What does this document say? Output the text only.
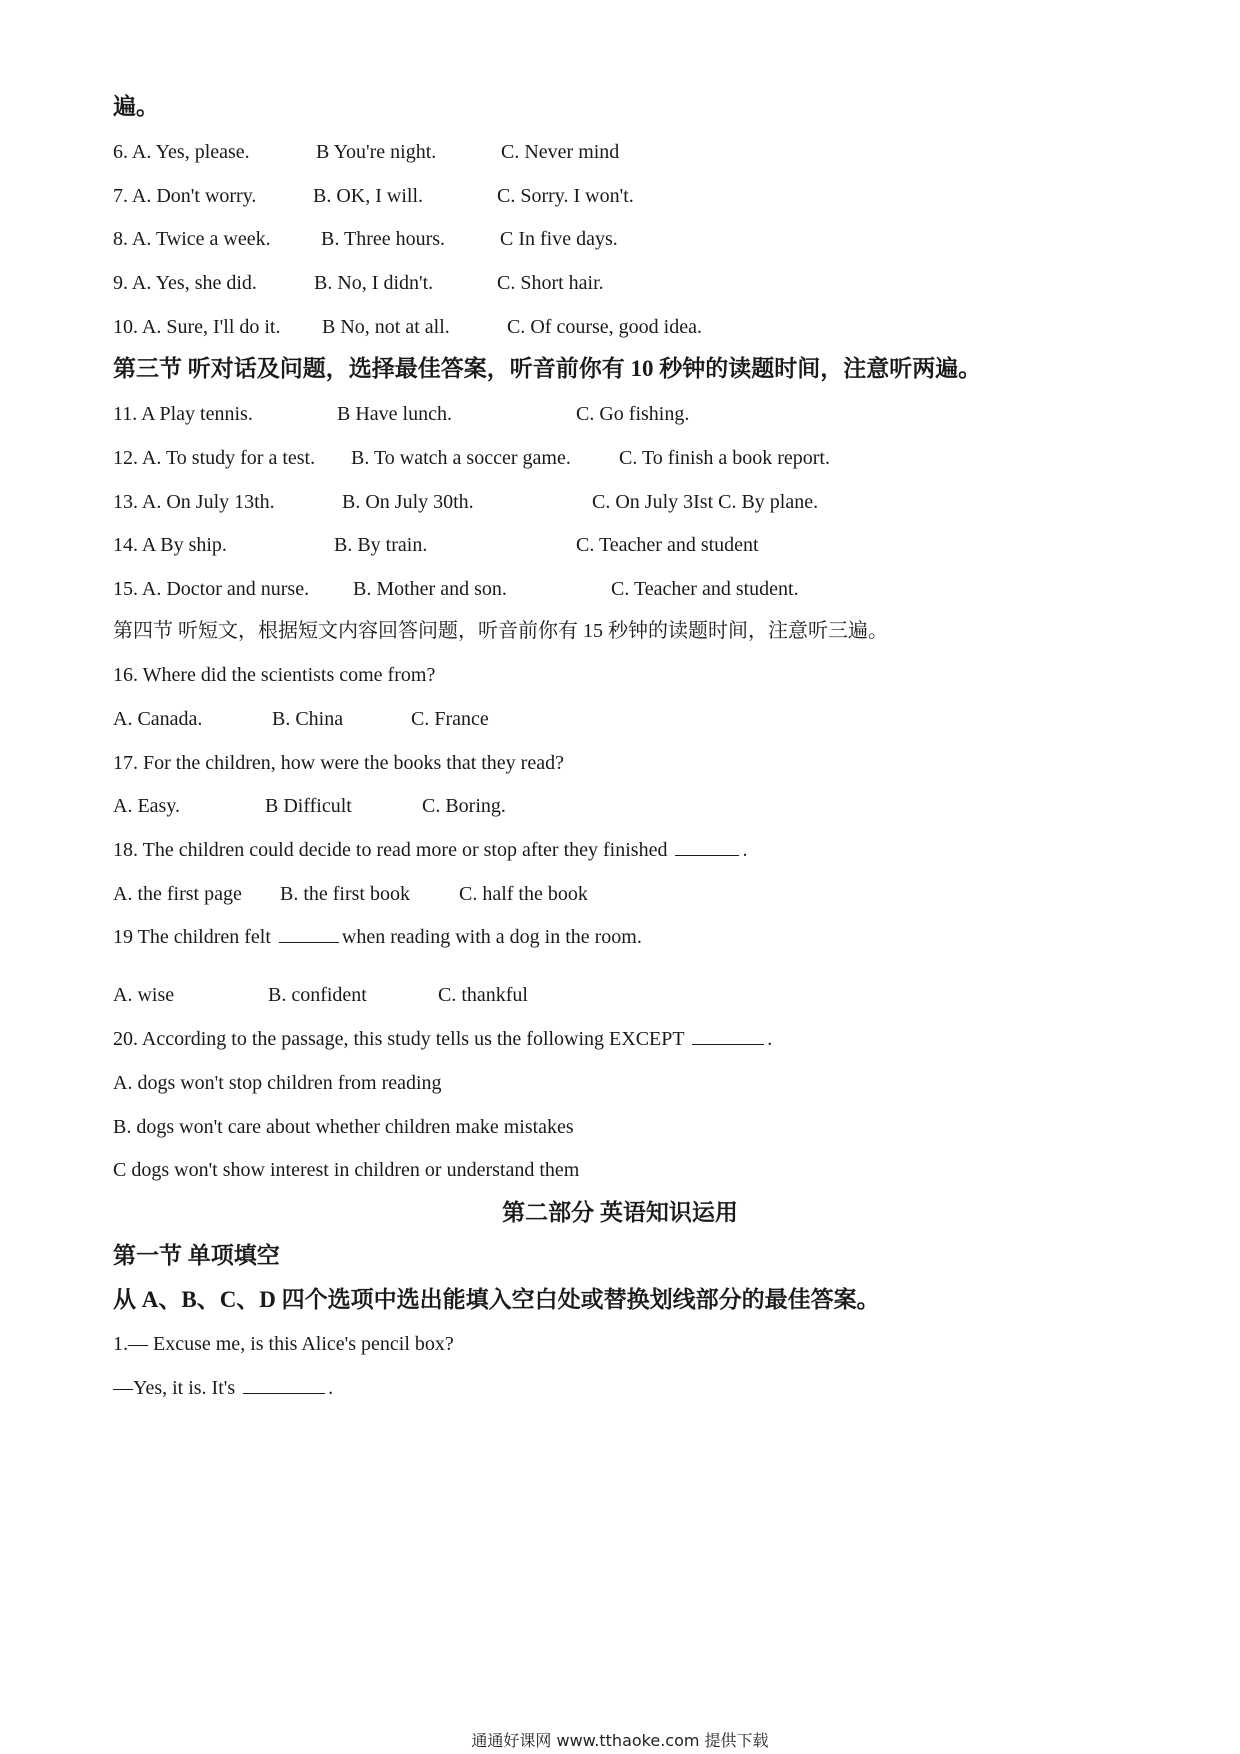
遍。
6. A. Yes, please.	B You're night.	C. Never mind
7. A. Don't worry.	B. OK, I will.	C. Sorry. I won't.
8. A. Twice a week.	B. Three hours.	C In five days.
9. A. Yes, she did.	B. No, I didn't.	C. Short hair.
10. A. Sure, I'll do it. B No, not at all.	C. Of course, good idea.
第三节 听对话及问题，选择最佳答案，听音前你有 10 秒钟的读题时间，注意听两遍。
11. A Play tennis.	B Have lunch.	C. Go fishing.
12. A. To study for a test. B. To watch a soccer game. C. To finish a book report.
13. A. On July 13th.	B. On July 30th.	C. On July 3Ist C. By plane.
14. A By ship.	B. By train.	C. Teacher and student
15. A. Doctor and nurse. B. Mother and son.	C. Teacher and student.
第四节 听短文，根据短文内容回答问题，听音前你有 15 秒钟的读题时间，注意听三遍。
16. Where did the scientists come from?
A. Canada.	B. China	C. France
17. For the children, how were the books that they read?
A. Easy.	B Difficult	C. Boring.
18. The children could decide to read more or stop after they finished	.
A. the first page B. the first book C. half the book
19 The children felt	when reading with a dog in the room.
A. wise	B. confident	C. thankful
20. According to the passage, this study tells us the following EXCEPT	.
A. dogs won't stop children from reading
B. dogs won't care about whether children make mistakes
C dogs won't show interest in children or understand them
第二部分 英语知识运用
第一节 单项填空
从 A、B、C、D 四个选项中选出能填入空白处或替换划线部分的最佳答案。
1.— Excuse me, is this Alice's pencil box?
—Yes, it is. It's	.
通通好课网 www.tthaoke.com 提供下载
